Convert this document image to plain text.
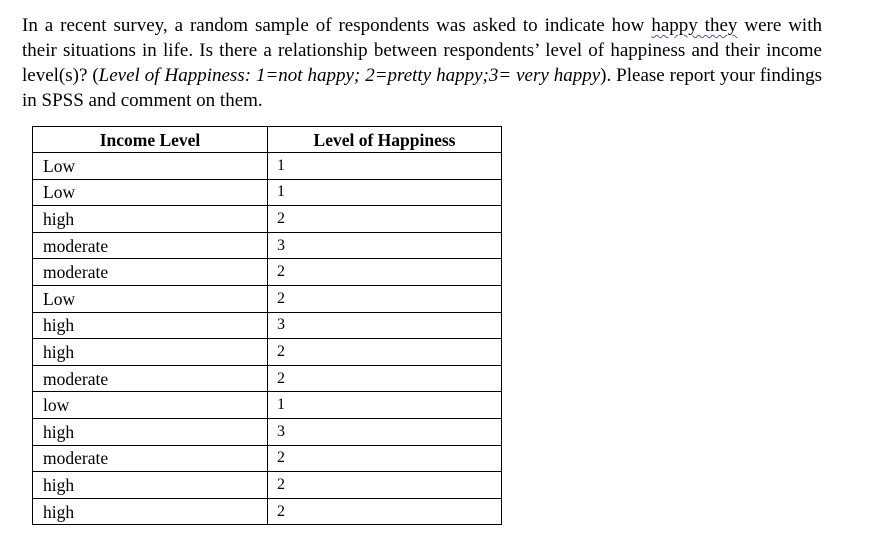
In a recent survey, a random sample of respondents was asked to indicate how happy they were with their situations in life. Is there a relationship between respondents’ level of happiness and their income level(s)? (Level of Happiness: 1=not happy; 2=pretty happy;3= very happy). Please report your findings in SPSS and comment on them.
Income Level	Level of Happiness
Low	1
Low	1
high	2
moderate	3
moderate	2
Low	2
high	3
high	2
moderate	2
low	1
high	3
moderate	2
high	2
high	2
